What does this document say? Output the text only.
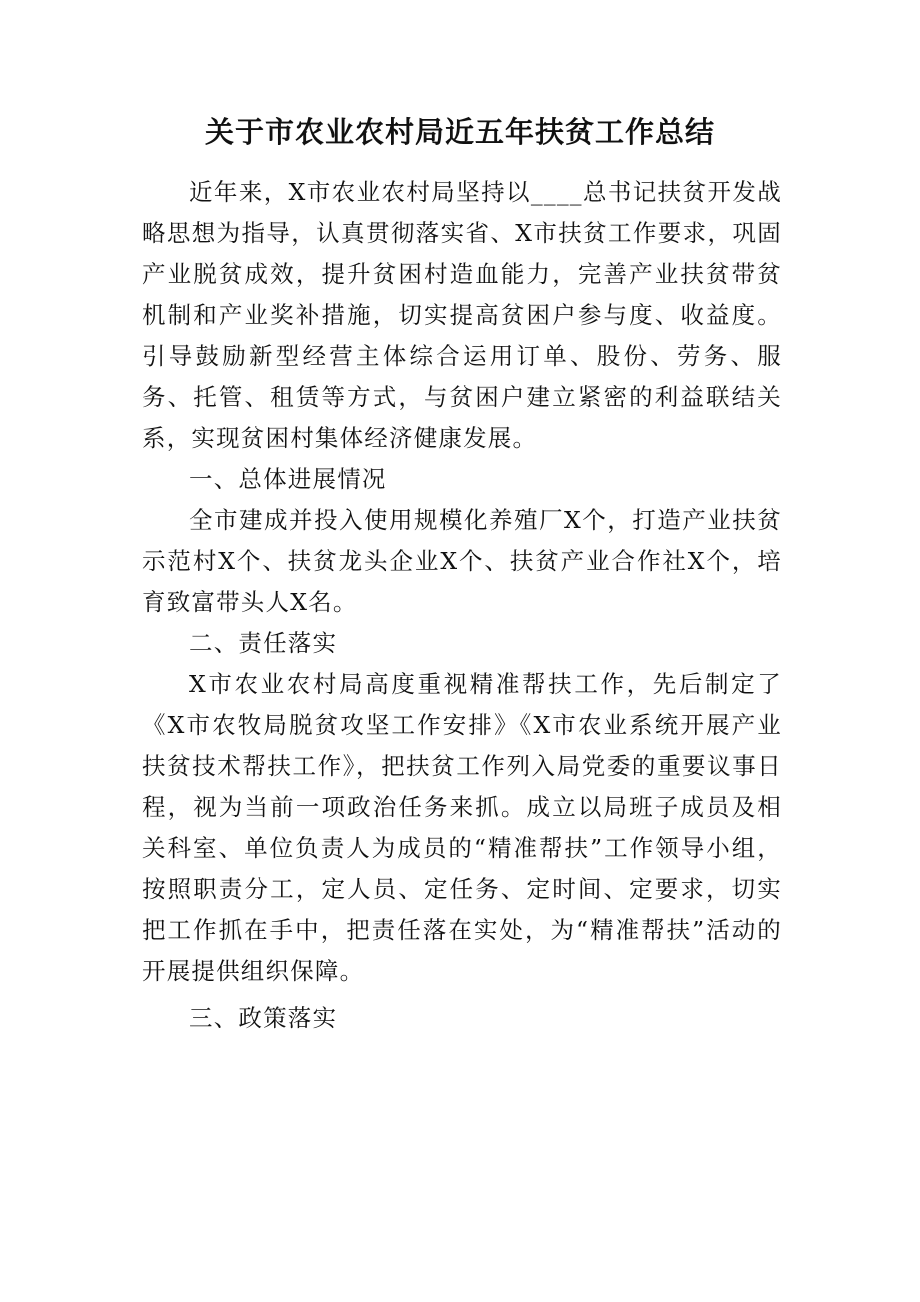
关于市农业农村局近五年扶贫工作总结

近年来，X市农业农村局坚持以____总书记扶贫开发战略思想为指导，认真贯彻落实省、X市扶贫工作要求，巩固产业脱贫成效，提升贫困村造血能力，完善产业扶贫带贫机制和产业奖补措施，切实提高贫困户参与度、收益度。引导鼓励新型经营主体综合运用订单、股份、劳务、服务、托管、租赁等方式，与贫困户建立紧密的利益联结关系，实现贫困村集体经济健康发展。

一、总体进展情况

全市建成并投入使用规模化养殖厂X个，打造产业扶贫示范村X个、扶贫龙头企业X个、扶贫产业合作社X个，培育致富带头人X名。

二、责任落实

X市农业农村局高度重视精准帮扶工作，先后制定了《X市农牧局脱贫攻坚工作安排》《X市农业系统开展产业扶贫技术帮扶工作》，把扶贫工作列入局党委的重要议事日程，视为当前一项政治任务来抓。成立以局班子成员及相关科室、单位负责人为成员的“精准帮扶”工作领导小组，按照职责分工，定人员、定任务、定时间、定要求，切实把工作抓在手中，把责任落在实处，为“精准帮扶”活动的开展提供组织保障。

三、政策落实
